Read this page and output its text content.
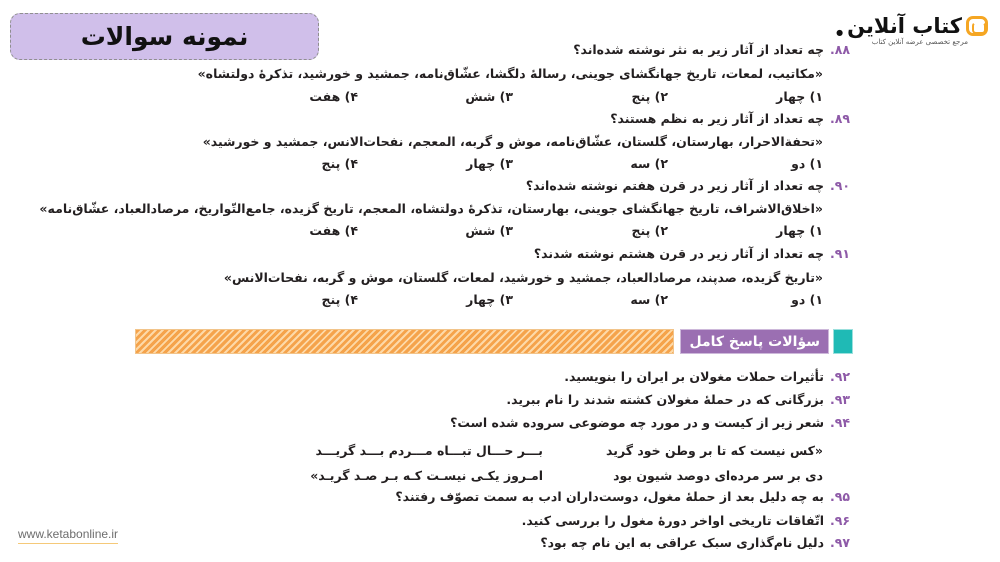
نمونه سوالات	کتاب آنلاین
●
مرجع تخصصی عرضه آنلاین کتاب
۸۸.چه تعداد از آثار زیر به نثر نوشته شده‌اند؟
«مکاتیب، لمعات، تاریخ جهانگشای جوینی، رسالهٔ دلگشا، عشّاق‌نامه، جمشید و خورشید، تذکرهٔ دولتشاه»
۱) چهار
۲) پنج
۳) شش
۴) هفت
۸۹.چه تعداد از آثار زیر به نظم هستند؟
«تحفة‌الاحرار، بهارستان، گلستان، عشّاق‌نامه، موش و گربه، المعجم، نفحات‌الانس، جمشید و خورشید»
۱) دو
۲) سه
۳) چهار
۴) پنج
۹۰.چه تعداد از آثار زیر در قرن هفتم نوشته شده‌اند؟
«اخلاق‌الاشراف، تاریخ جهانگشای جوینی، بهارستان، تذکرهٔ دولتشاه، المعجم، تاریخ گزیده، جامع‌التّواریخ، مرصادالعباد، عشّاق‌نامه»
۱) چهار
۲) پنج
۳) شش
۴) هفت
۹۱.چه تعداد از آثار زیر در قرن هشتم نوشته شدند؟
«تاریخ گزیده، صدپند، مرصادالعباد، جمشید و خورشید، لمعات، گلستان، موش و گربه، نفحات‌الانس»
۱) دو
۲) سه
۳) چهار
۴) پنج
سؤالات پاسخ کامل
۹۲.تأثیرات حملات مغولان بر ایران را بنویسید.
۹۳.بزرگانی که در حملهٔ مغولان کشته شدند را نام ببرید.
۹۴.شعر زیر از کیست و در مورد چه موضوعی سروده شده است؟
«کس نیست که تا بر وطن خود گرید
بـــر حـــال تبـــاه مـــردم بـــد گریـــد
دی بر سر مرده‌ای دوصد شیون بود
امـروز یکـی نیسـت کـه بـر صـد گریـد»
۹۵.به چه دلیل بعد از حملهٔ مغول، دوست‌داران ادب به سمت تصوّف رفتند؟
۹۶.اتّفاقات تاریخی اواخر دورهٔ مغول را بررسی کنید.
۹۷.دلیل نام‌گذاری سبک عراقی به این نام چه بود؟
www.ketabonline.ir
